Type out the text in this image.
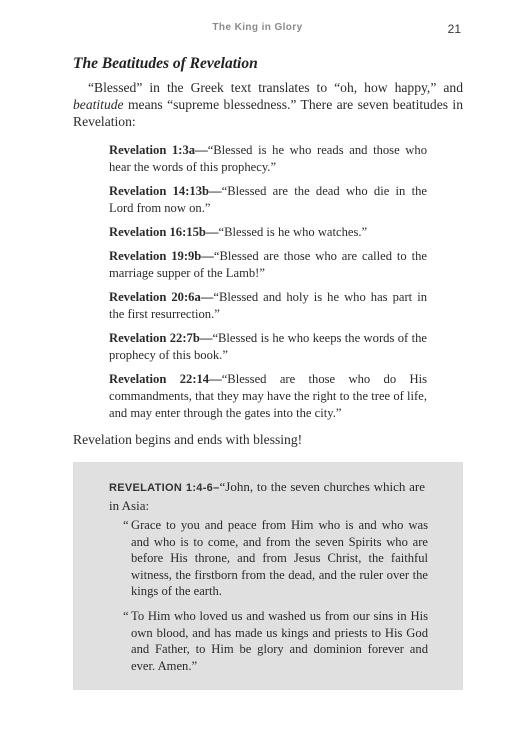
The King in Glory	21
The Beatitudes of Revelation

“Blessed” in the Greek text translates to “oh, how happy,” and beatitude means “supreme blessedness.” There are seven beatitudes in Revelation:

Revelation 1:3a—“Blessed is he who reads and those who hear the words of this prophecy.”

Revelation 14:13b—“Blessed are the dead who die in the Lord from now on.”

Revelation 16:15b—“Blessed is he who watches.”

Revelation 19:9b—“Blessed are those who are called to the marriage supper of the Lamb!”

Revelation 20:6a—“Blessed and holy is he who has part in the first resurrection.”

Revelation 22:7b—“Blessed is he who keeps the words of the prophecy of this book.”

Revelation 22:14—“Blessed are those who do His commandments, that they may have the right to the tree of life, and may enter through the gates into the city.”

Revelation begins and ends with blessing!

REVELATION 1:4-6–“John, to the seven churches which are in Asia:

“ Grace to you and peace from Him who is and who was and who is to come, and from the seven Spirits who are before His throne, and from Jesus Christ, the faithful witness, the firstborn from the dead, and the ruler over the kings of the earth.

“ To Him who loved us and washed us from our sins in His own blood, and has made us kings and priests to His God and Father, to Him be glory and dominion forever and ever. Amen.”
